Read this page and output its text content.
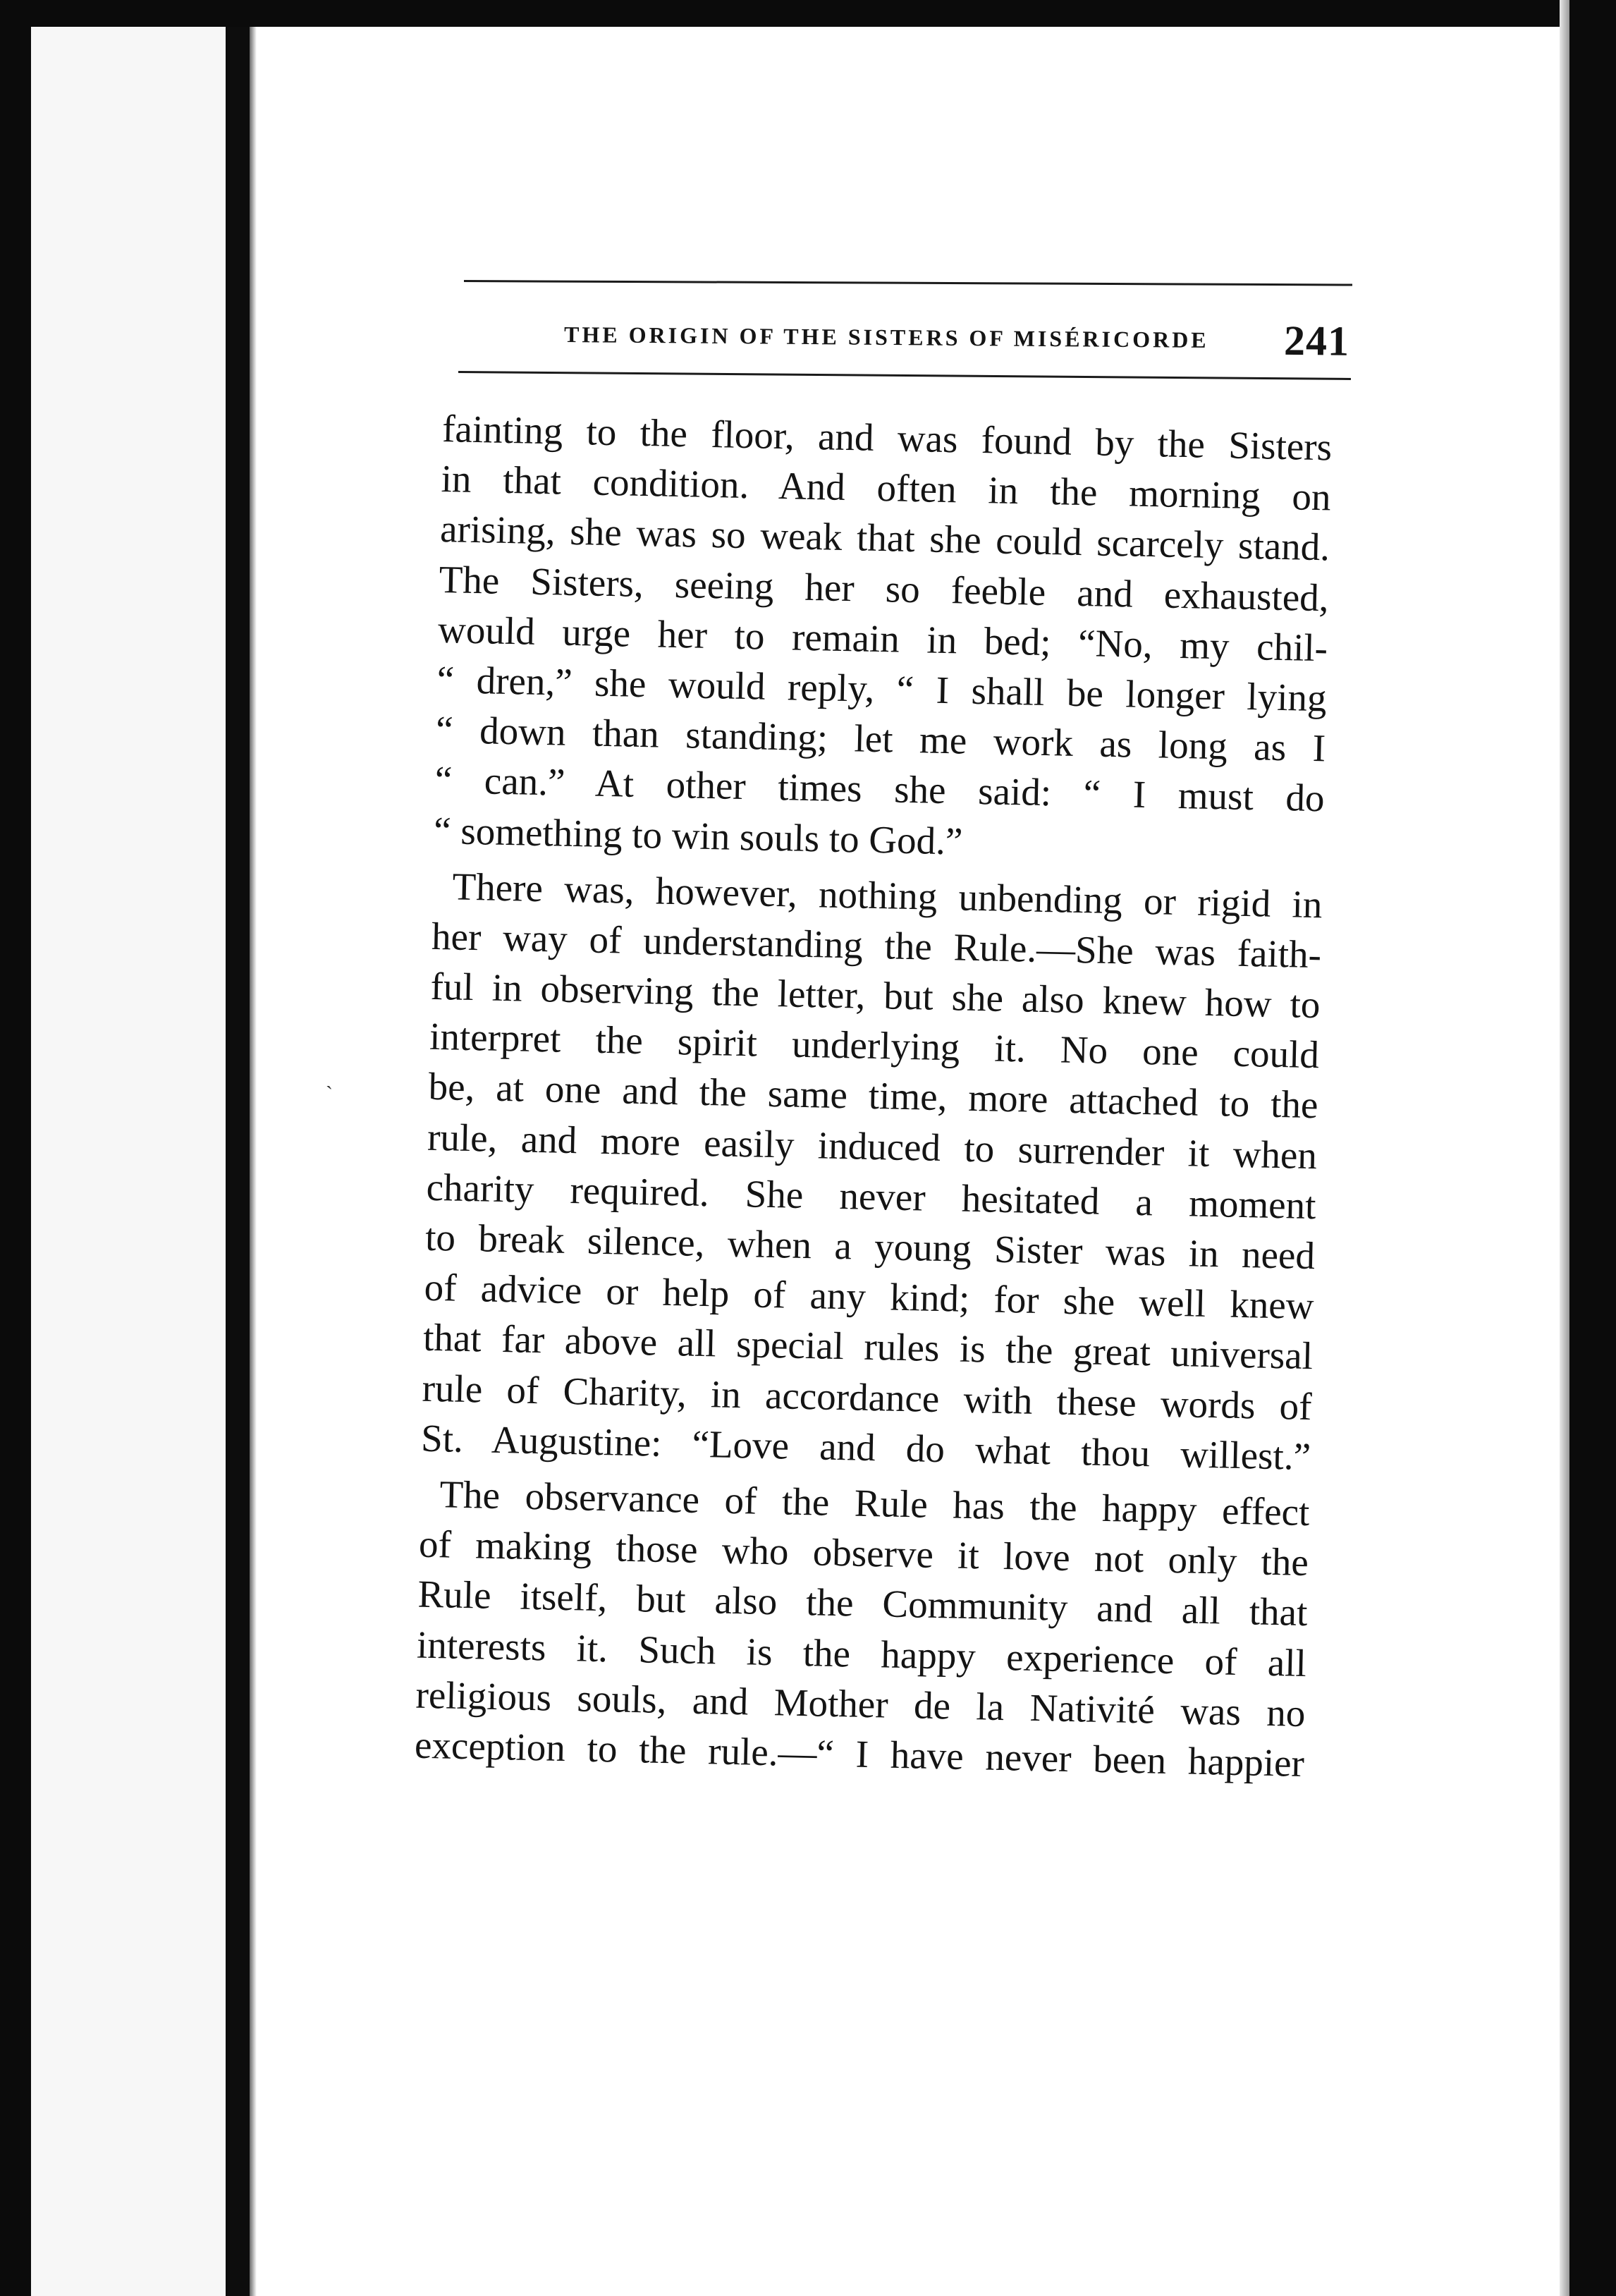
ˎ
THE ORIGIN OF THE SISTERS OF MISÉRICORDE 241
fainting to the floor, and was found by the Sisters
in that condition. And often in the morning on
arising, she was so weak that she could scarcely stand.
The Sisters, seeing her so feeble and exhausted,
would urge her to remain in bed; “No, my chil-
“ dren,” she would reply, “ I shall be longer lying
“ down than standing; let me work as long as I
“ can.” At other times she said: “ I must do
“ something to win souls to God.”
There was, however, nothing unbending or rigid in
her way of understanding the Rule.—She was faith-
ful in observing the letter, but she also knew how to
interpret the spirit underlying it. No one could
be, at one and the same time, more attached to the
rule, and more easily induced to surrender it when
charity required. She never hesitated a moment
to break silence, when a young Sister was in need
of advice or help of any kind; for she well knew
that far above all special rules is the great universal
rule of Charity, in accordance with these words of
St. Augustine: “Love and do what thou willest.”
The observance of the Rule has the happy effect
of making those who observe it love not only the
Rule itself, but also the Community and all that
interests it. Such is the happy experience of all
religious souls, and Mother de la Nativité was no
exception to the rule.—“ I have never been happier
